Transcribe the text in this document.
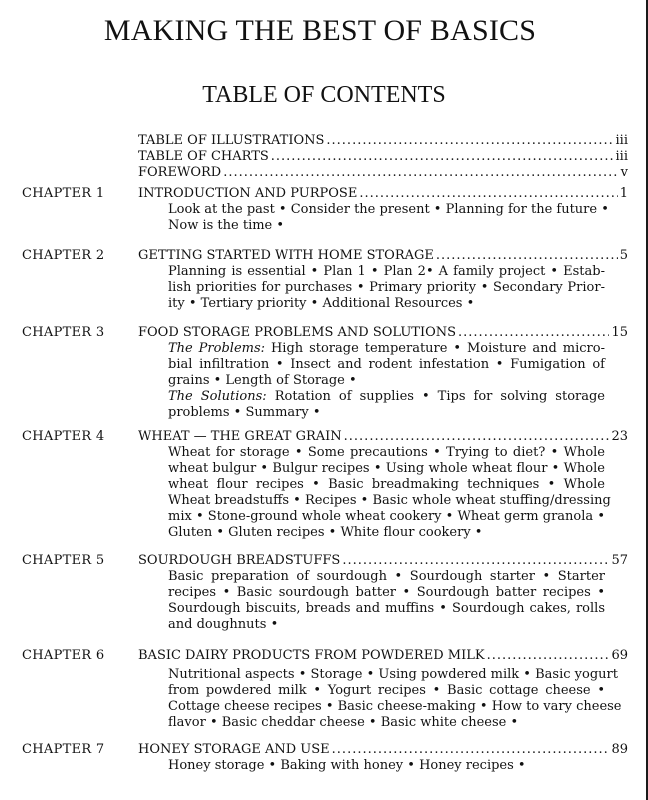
MAKING THE BEST OF BASICS
TABLE OF CONTENTS
TABLE OF ILLUSTRATIONS .....	iii
TABLE OF CHARTS .....	iii
FOREWORD .....	v
CHAPTER 1	INTRODUCTION AND PURPOSE .....	1
Look at the past • Consider the present • Planning for the future •
Now is the time •
CHAPTER 2	GETTING STARTED WITH HOME STORAGE .....	5
Planning is essential • Plan 1 • Plan 2• A family project • Estab-
lish priorities for purchases • Primary priority • Secondary Prior-
ity • Tertiary priority • Additional Resources •
CHAPTER 3	FOOD STORAGE PROBLEMS AND SOLUTIONS .....	15
The Problems: High storage temperature • Moisture and micro-
bial infiltration • Insect and rodent infestation • Fumigation of
grains • Length of Storage •
The Solutions: Rotation of supplies • Tips for solving storage
problems • Summary •
CHAPTER 4	WHEAT — THE GREAT GRAIN .....	23
Wheat for storage • Some precautions • Trying to diet? • Whole
wheat bulgur • Bulgur recipes • Using whole wheat flour • Whole
wheat flour recipes • Basic breadmaking techniques • Whole
Wheat breadstuffs • Recipes • Basic whole wheat stuffing/dressing
mix • Stone-ground whole wheat cookery • Wheat germ granola •
Gluten • Gluten recipes • White flour cookery •
CHAPTER 5	SOURDOUGH BREADSTUFFS .....	57
Basic preparation of sourdough • Sourdough starter • Starter
recipes • Basic sourdough batter • Sourdough batter recipes •
Sourdough biscuits, breads and muffins • Sourdough cakes, rolls
and doughnuts •
CHAPTER 6	BASIC DAIRY PRODUCTS FROM POWDERED MILK .....	69
Nutritional aspects • Storage • Using powdered milk • Basic yogurt
from powdered milk • Yogurt recipes • Basic cottage cheese •
Cottage cheese recipes • Basic cheese-making • How to vary cheese
flavor • Basic cheddar cheese • Basic white cheese •
CHAPTER 7	HONEY STORAGE AND USE .....	89
Honey storage • Baking with honey • Honey recipes •
